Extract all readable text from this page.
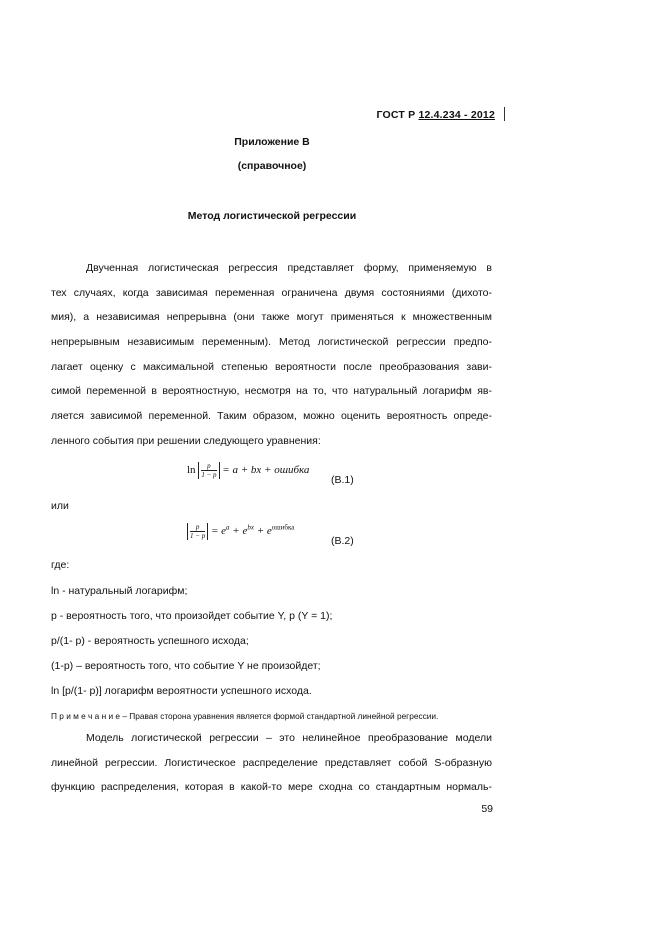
ГОСТ Р 12.4.234 - 2012
Приложение В
(справочное)
Метод логистической регрессии
Двученная логистическая регрессия представляет форму, применяемую в
тех случаях, когда зависимая переменная ограничена двумя состояниями (дихото-
мия), а независимая непрерывна (они также могут применяться к множественным
непрерывным независимым переменным). Метод логистической регрессии предпо-
лагает оценку с максимальной степенью вероятности после преобразования зави-
симой переменной в вероятностную, несмотря на то, что натуральный логарифм яв-
ляется зависимой переменной. Таким образом, можно оценить вероятность опреде-
ленного события при решении следующего уравнения:
$\ln \frac{p}{1 - p} = a$ + bx + ошибка
(B.1)
или
$\frac{p}{1 - p} = e^a + e^{bx} + e^{ошибка}$
(B.2)
где:
ln - натуральный логарифм;
p - вероятность того, что произойдет событие Y, p (Y = 1);
p/(1- p) - вероятность успешного исхода;
(1-p) – вероятность того, что событие Y не произойдет;
ln [p/(1- p)] логарифм вероятности успешного исхода.
П р и м е ч а н и е – Правая сторона уравнения является формой стандартной линейной регрессии.
Модель логистической регрессии – это нелинейное преобразование модели
линейной регрессии. Логистическое распределение представляет собой S-образную
функцию распределения, которая в какой-то мере сходна со стандартным нормаль-
59
